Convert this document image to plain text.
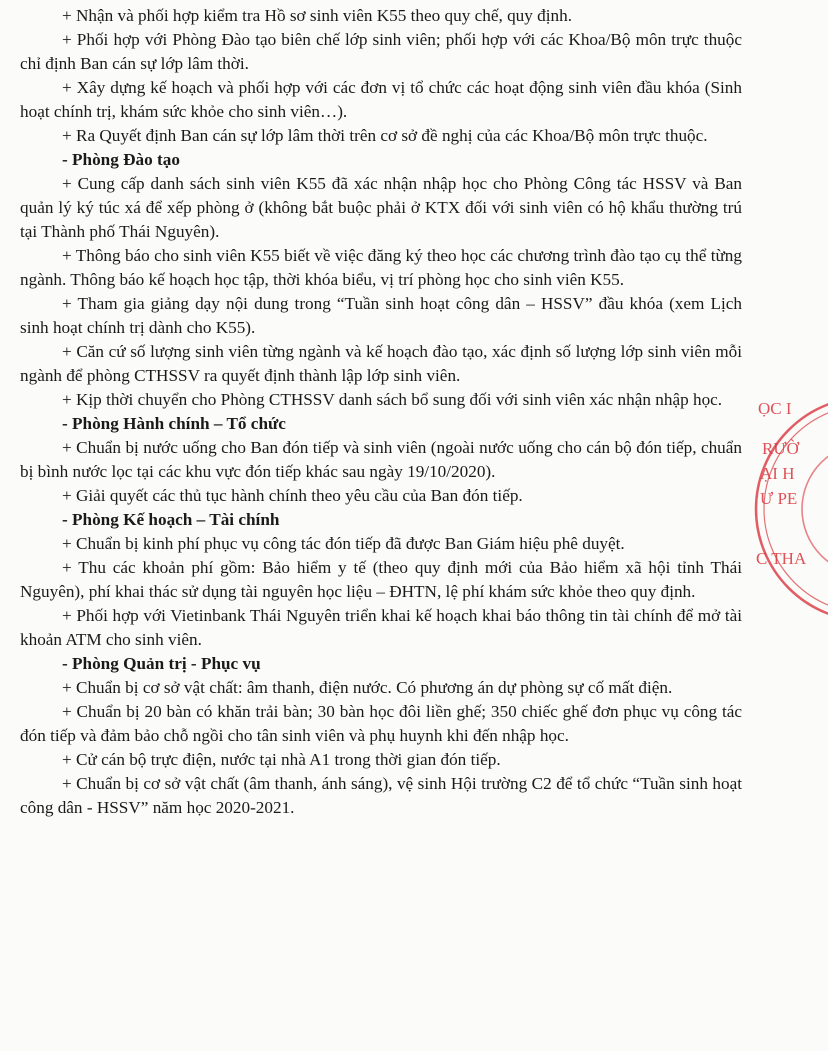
+ Nhận và phối hợp kiểm tra Hồ sơ sinh viên K55 theo quy chế, quy định.

+ Phối hợp với Phòng Đào tạo biên chế lớp sinh viên; phối hợp với các Khoa/Bộ môn trực thuộc chỉ định Ban cán sự lớp lâm thời.

+ Xây dựng kế hoạch và phối hợp với các đơn vị tổ chức các hoạt động sinh viên đầu khóa (Sinh hoạt chính trị, khám sức khỏe cho sinh viên…).

+ Ra Quyết định Ban cán sự lớp lâm thời trên cơ sở đề nghị của các Khoa/Bộ môn trực thuộc.

- Phòng Đào tạo

+ Cung cấp danh sách sinh viên K55 đã xác nhận nhập học cho Phòng Công tác HSSV và Ban quản lý ký túc xá để xếp phòng ở (không bắt buộc phải ở KTX đối với sinh viên có hộ khẩu thường trú tại Thành phố Thái Nguyên).

+ Thông báo cho sinh viên K55 biết về việc đăng ký theo học các chương trình đào tạo cụ thể từng ngành. Thông báo kế hoạch học tập, thời khóa biểu, vị trí phòng học cho sinh viên K55.

+ Tham gia giảng dạy nội dung trong “Tuần sinh hoạt công dân – HSSV” đầu khóa (xem Lịch sinh hoạt chính trị dành cho K55).

+ Căn cứ số lượng sinh viên từng ngành và kế hoạch đào tạo, xác định số lượng lớp sinh viên mỗi ngành để phòng CTHSSV ra quyết định thành lập lớp sinh viên.

+ Kịp thời chuyển cho Phòng CTHSSV danh sách bổ sung đối với sinh viên xác nhận nhập học.

- Phòng Hành chính – Tổ chức

+ Chuẩn bị nước uống cho Ban đón tiếp và sinh viên (ngoài nước uống cho cán bộ đón tiếp, chuẩn bị bình nước lọc tại các khu vực đón tiếp khác sau ngày 19/10/2020).

+ Giải quyết các thủ tục hành chính theo yêu cầu của Ban đón tiếp.

- Phòng Kế hoạch – Tài chính

+ Chuẩn bị kinh phí phục vụ công tác đón tiếp đã được Ban Giám hiệu phê duyệt.

+ Thu các khoản phí gồm: Bảo hiểm y tế (theo quy định mới của Bảo hiểm xã hội tỉnh Thái Nguyên), phí khai thác sử dụng tài nguyên học liệu – ĐHTN, lệ phí khám sức khỏe theo quy định.

+ Phối hợp với Vietinbank Thái Nguyên triển khai kế hoạch khai báo thông tin tài chính để mở tài khoản ATM cho sinh viên.

- Phòng Quản trị - Phục vụ

+ Chuẩn bị cơ sở vật chất: âm thanh, điện nước. Có phương án dự phòng sự cố mất điện.

+ Chuẩn bị 20 bàn có khăn trải bàn; 30 bàn học đôi liền ghế; 350 chiếc ghế đơn phục vụ công tác đón tiếp và đảm bảo chỗ ngồi cho tân sinh viên và phụ huynh khi đến nhập học.

+ Cử cán bộ trực điện, nước tại nhà A1 trong thời gian đón tiếp.

+ Chuẩn bị cơ sở vật chất (âm thanh, ánh sáng), vệ sinh Hội trường C2 để tổ chức “Tuần sinh hoạt công dân - HSSV” năm học 2020-2021.

ỌC I
RƯỜ
ẠI H
Ư PE
C THA
